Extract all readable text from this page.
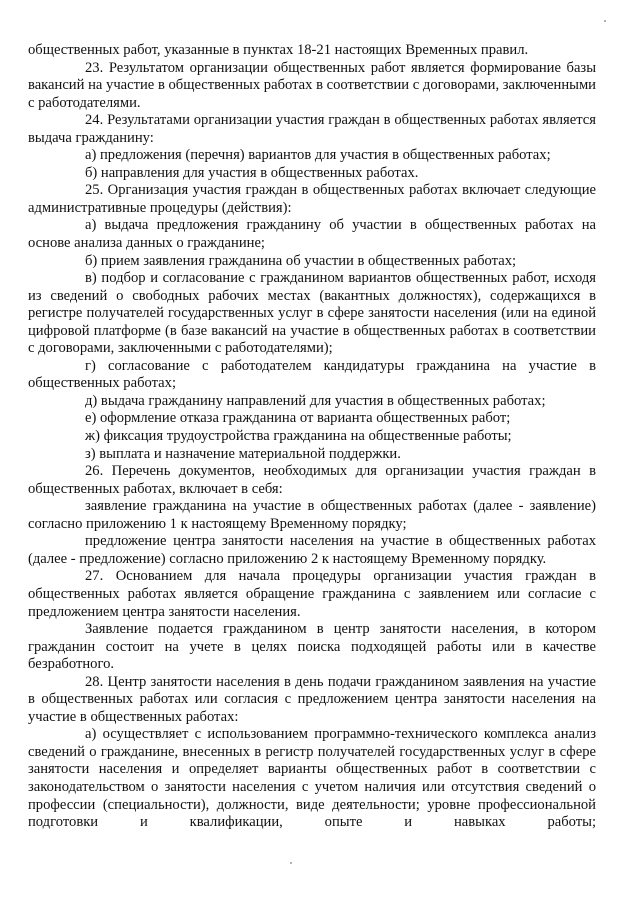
общественных работ, указанные в пунктах 18-21 настоящих Временных правил.

23. Результатом организации общественных работ является формирование базы вакансий на участие в общественных работах в соответствии с договорами, заключенными с работодателями.

24. Результатами организации участия граждан в общественных работах является выдача гражданину:

а) предложения (перечня) вариантов для участия в общественных работах;

б) направления для участия в общественных работах.

25. Организация участия граждан в общественных работах включает следующие административные процедуры (действия):

а) выдача предложения гражданину об участии в общественных работах на основе анализа данных о гражданине;

б) прием заявления гражданина об участии в общественных работах;

в) подбор и согласование с гражданином вариантов общественных работ, исходя из сведений о свободных рабочих местах (вакантных должностях), содержащихся в регистре получателей государственных услуг в сфере занятости населения (или на единой цифровой платформе (в базе вакансий на участие в общественных работах в соответствии с договорами, заключенными с работодателями);

г) согласование с работодателем кандидатуры гражданина на участие в общественных работах;

д) выдача гражданину направлений для участия в общественных работах;

е) оформление отказа гражданина от варианта общественных работ;

ж) фиксация трудоустройства гражданина на общественные работы;

з) выплата и назначение материальной поддержки.

26. Перечень документов, необходимых для организации участия граждан в общественных работах, включает в себя:

заявление гражданина на участие в общественных работах (далее - заявление) согласно приложению 1 к настоящему Временному порядку;

предложение центра занятости населения на участие в общественных работах (далее - предложение) согласно приложению 2 к настоящему Временному порядку.

27. Основанием для начала процедуры организации участия граждан в общественных работах является обращение гражданина с заявлением или согласие с предложением центра занятости населения.

Заявление подается гражданином в центр занятости населения, в котором гражданин состоит на учете в целях поиска подходящей работы или в качестве безработного.

28. Центр занятости населения в день подачи гражданином заявления на участие в общественных работах или согласия с предложением центра занятости населения на участие в общественных работах:

а) осуществляет с использованием программно-технического комплекса анализ сведений о гражданине, внесенных в регистр получателей государственных услуг в сфере занятости населения и определяет варианты общественных работ в соответствии с законодательством о занятости населения с учетом наличия или отсутствия сведений о профессии (специальности), должности, виде деятельности; уровне профессиональной подготовки и квалификации, опыте и навыках работы;
